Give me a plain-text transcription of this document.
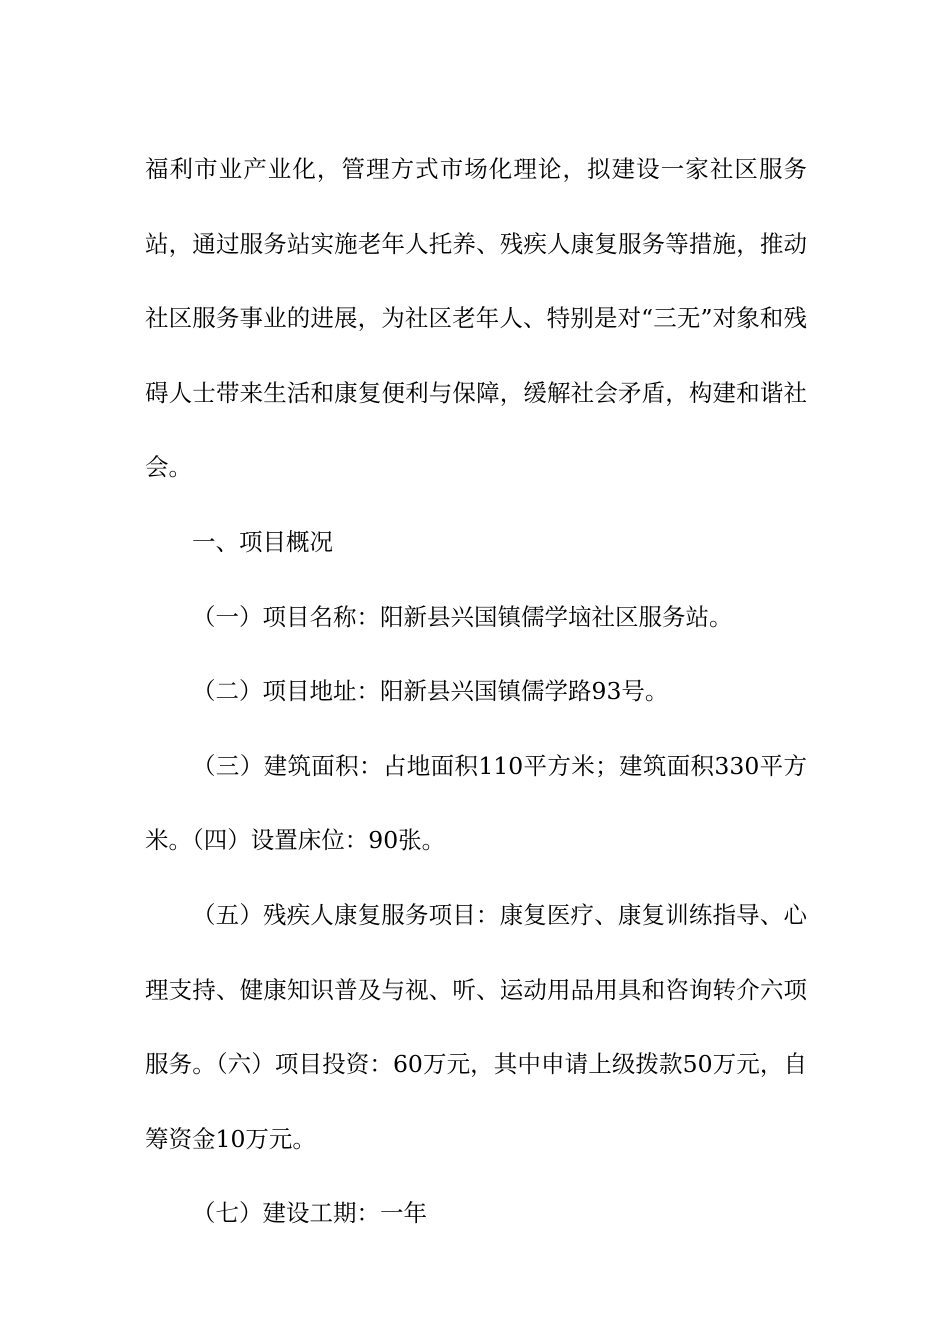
福利市业产业化，管理方式市场化理论，拟建设一家社区服务站，通过服务站实施老年人托养、残疾人康复服务等措施，推动社区服务事业的进展，为社区老年人、特别是对“三无”对象和残碍人士带来生活和康复便利与保障，缓解社会矛盾，构建和谐社会。

一、项目概况

（一）项目名称：阳新县兴国镇儒学垴社区服务站。

（二）项目地址：阳新县兴国镇儒学路93号。

（三）建筑面积：占地面积110平方米；建筑面积330平方米。（四）设置床位：90张。

（五）残疾人康复服务项目：康复医疗、康复训练指导、心理支持、健康知识普及与视、听、运动用品用具和咨询转介六项服务。（六）项目投资：60万元，其中申请上级拨款50万元，自筹资金10万元。

（七）建设工期：一年
